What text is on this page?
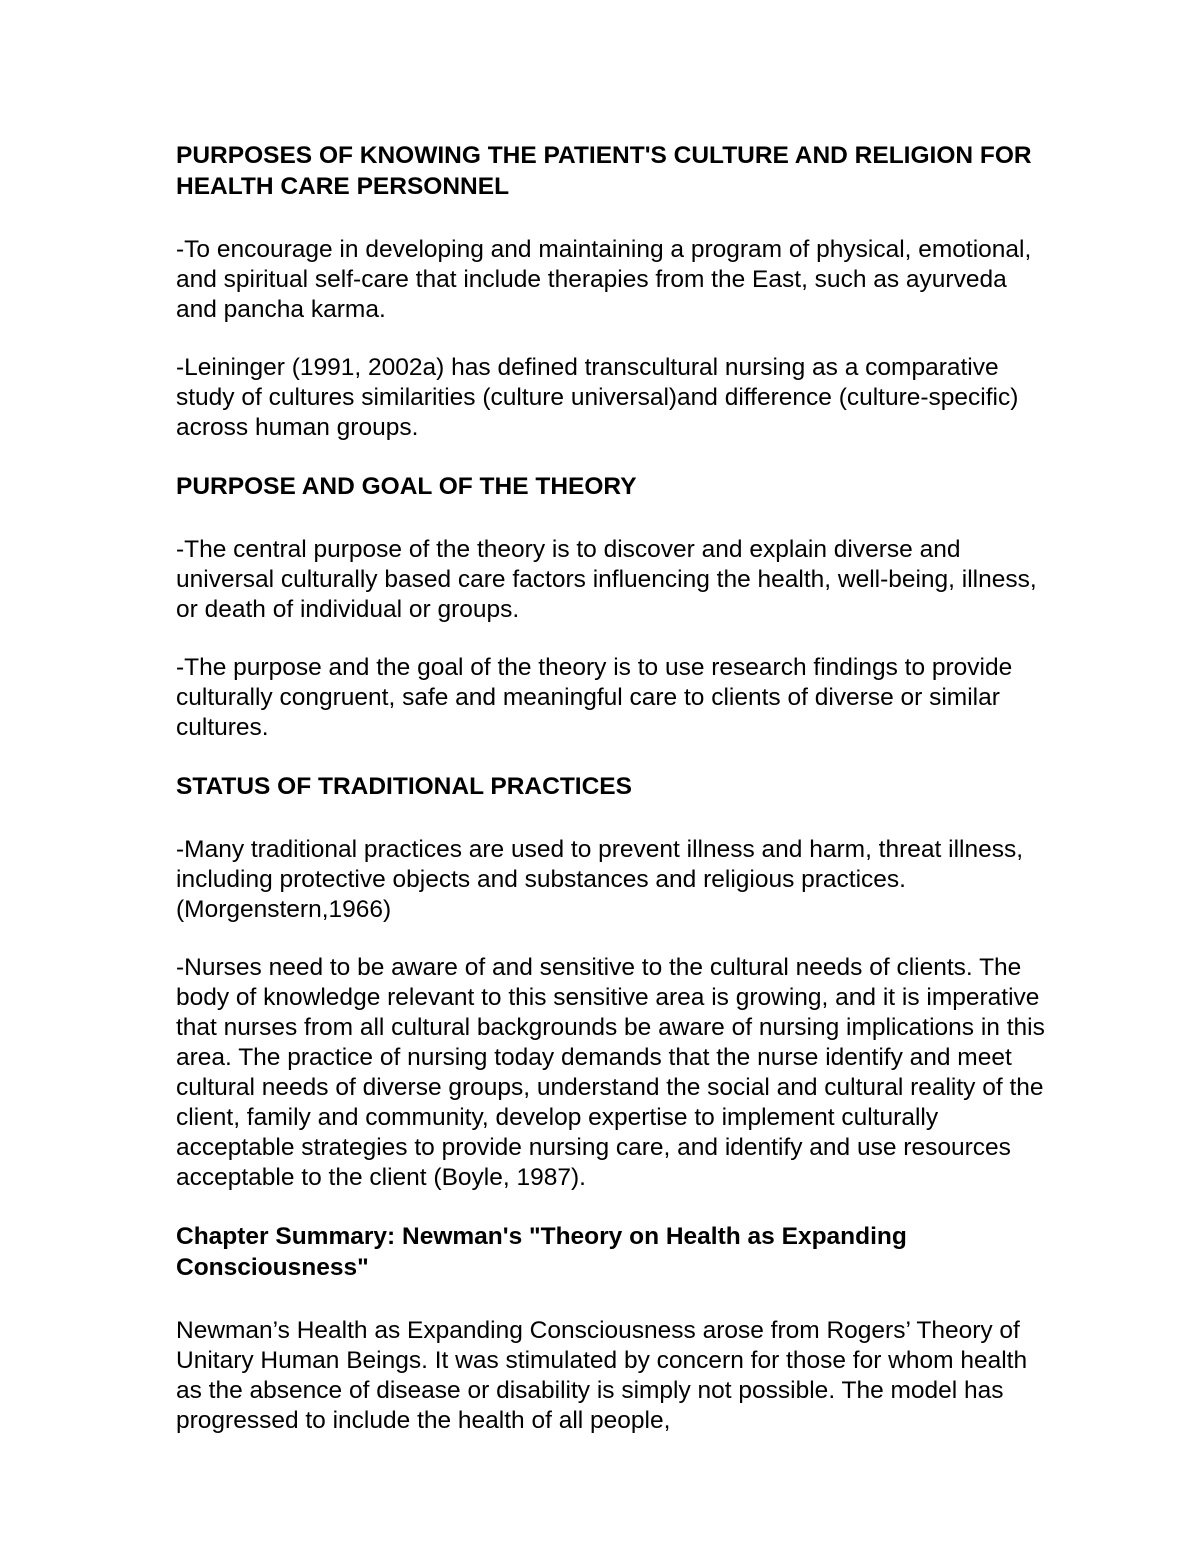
PURPOSES OF KNOWING THE PATIENT'S CULTURE AND RELIGION FOR HEALTH CARE PERSONNEL

-To encourage in developing and maintaining a program of physical, emotional, and spiritual self-care that include therapies from the East, such as ayurveda and pancha karma.

-Leininger (1991, 2002a) has defined transcultural nursing as a comparative study of cultures similarities (culture universal)and difference (culture-specific) across human groups.

PURPOSE AND GOAL OF THE THEORY

-The central purpose of the theory is to discover and explain diverse and universal culturally based care factors influencing the health, well-being, illness, or death of individual or groups.

-The purpose and the goal of the theory is to use research findings to provide culturally congruent, safe and meaningful care to clients of diverse or similar cultures.

STATUS OF TRADITIONAL PRACTICES

-Many traditional practices are used to prevent illness and harm, threat illness, including protective objects and substances and religious practices.(Morgenstern,1966)

-Nurses need to be aware of and sensitive to the cultural needs of clients. The body of knowledge relevant to this sensitive area is growing, and it is imperative that nurses from all cultural backgrounds be aware of nursing implications in this area. The practice of nursing today demands that the nurse identify and meet cultural needs of diverse groups, understand the social and cultural reality of the client, family and community, develop expertise to implement culturally acceptable strategies to provide nursing care, and identify and use resources acceptable to the client (Boyle, 1987).

Chapter Summary: Newman's "Theory on Health as Expanding Consciousness"

Newman’s Health as Expanding Consciousness arose from Rogers’ Theory of Unitary Human Beings. It was stimulated by concern for those for whom health as the absence of disease or disability is simply not possible. The model has progressed to include the health of all people,
